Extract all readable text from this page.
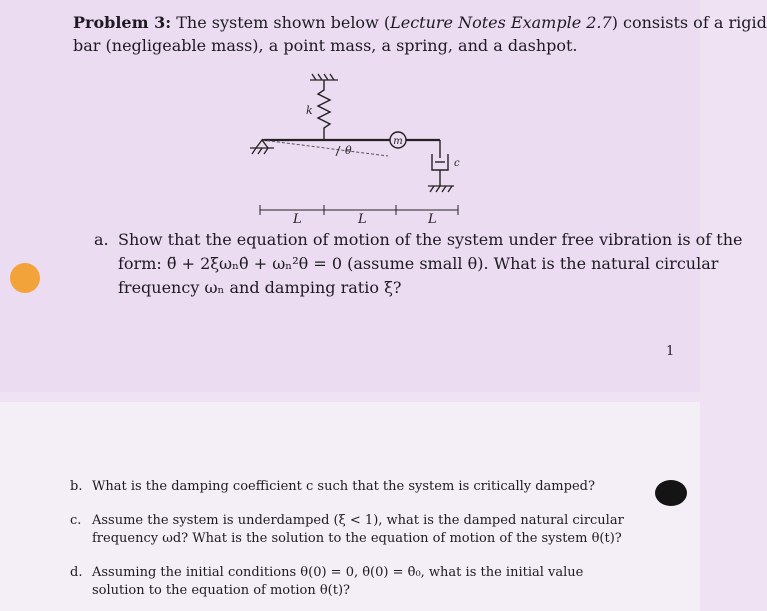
Problem 3: The system shown below (Lecture Notes Example 2.7) consists of a rigid
bar (negligeable mass), a point mass, a spring, and a dashpot.
k
m
θ
c
L	L	L
a. Show that the equation of motion of the system under free vibration is of the
form: θ̈ + 2ξωₙθ̇ + ωₙ²θ = 0 (assume small θ). What is the natural circular
frequency ωₙ and damping ratio ξ?
1
b. What is the damping coefficient c such that the system is critically damped?
c. Assume the system is underdamped (ξ < 1), what is the damped natural circular
frequency ωd? What is the solution to the equation of motion of the system θ(t)?
d. Assuming the initial conditions θ(0) = 0, θ̇(0) = θ̇₀, what is the initial value
solution to the equation of motion θ(t)?
